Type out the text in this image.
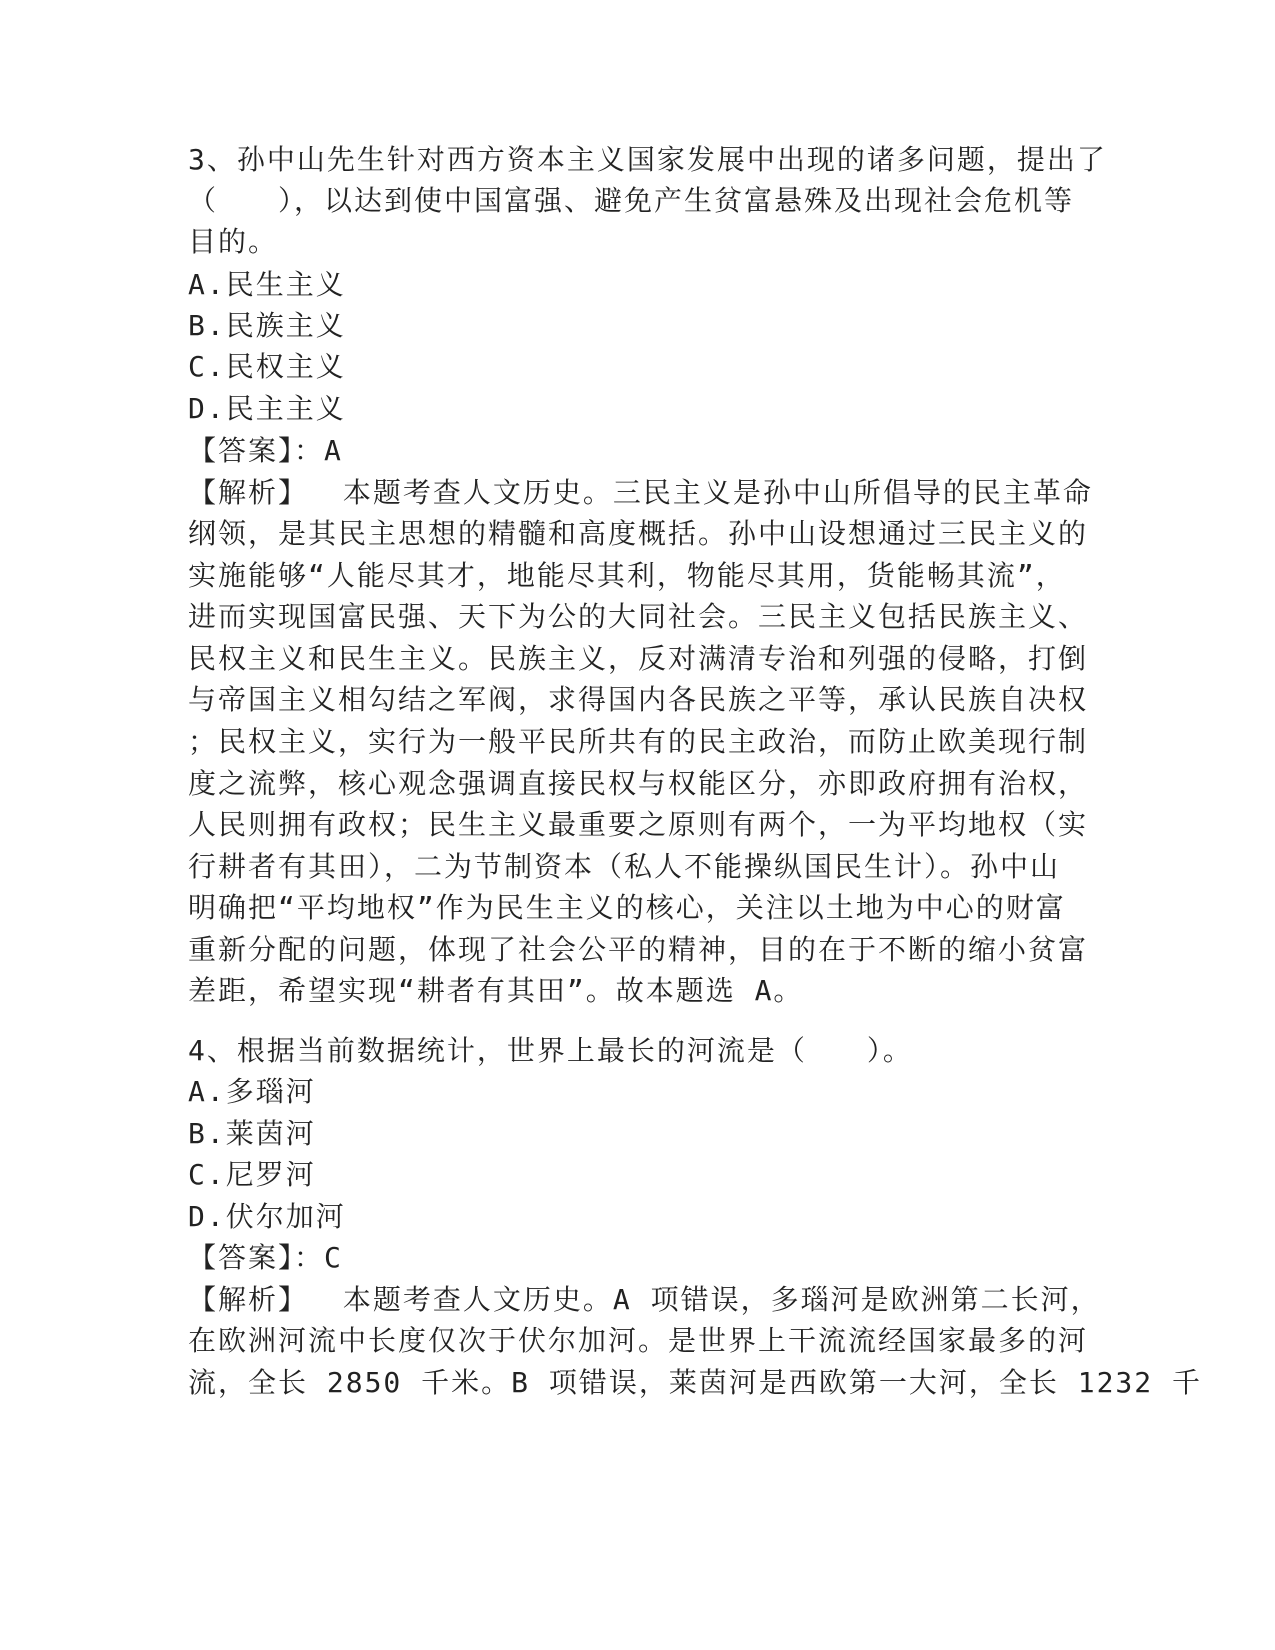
3、孙中山先生针对西方资本主义国家发展中出现的诸多问题，提出了
（　　），以达到使中国富强、避免产生贫富悬殊及出现社会危机等
目的。
A.民生主义
B.民族主义
C.民权主义
D.民主主义
【答案】：A
【解析】　 本题考查人文历史。三民主义是孙中山所倡导的民主革命
纲领，是其民主思想的精髓和高度概括。孙中山设想通过三民主义的
实施能够“人能尽其才，地能尽其利，物能尽其用，货能畅其流”，
进而实现国富民强、天下为公的大同社会。三民主义包括民族主义、
民权主义和民生主义。民族主义，反对满清专治和列强的侵略，打倒
与帝国主义相勾结之军阀，求得国内各民族之平等，承认民族自决权
；民权主义，实行为一般平民所共有的民主政治，而防止欧美现行制
度之流弊，核心观念强调直接民权与权能区分，亦即政府拥有治权，
人民则拥有政权；民生主义最重要之原则有两个，一为平均地权（实
行耕者有其田），二为节制资本（私人不能操纵国民生计）。孙中山
明确把“平均地权”作为民生主义的核心，关注以土地为中心的财富
重新分配的问题，体现了社会公平的精神，目的在于不断的缩小贫富
差距，希望实现“耕者有其田”。故本题选 A。
4、根据当前数据统计，世界上最长的河流是（　　）。
A.多瑙河
B.莱茵河
C.尼罗河
D.伏尔加河
【答案】：C
【解析】　 本题考查人文历史。A 项错误，多瑙河是欧洲第二长河，
在欧洲河流中长度仅次于伏尔加河。是世界上干流流经国家最多的河
流，全长 2850 千米。B 项错误，莱茵河是西欧第一大河，全长 1232 千
